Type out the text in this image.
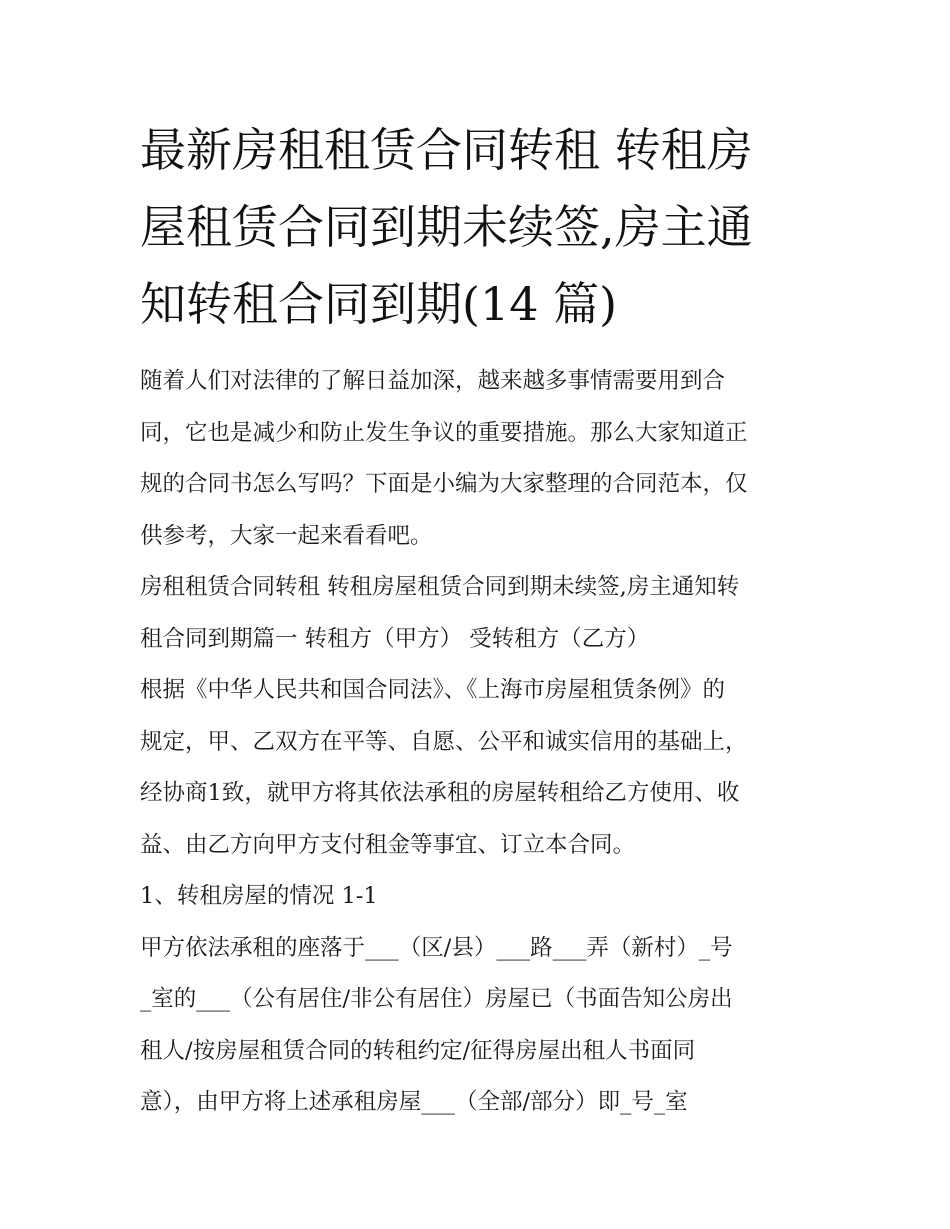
最新房租租赁合同转租 转租房
屋租赁合同到期未续签,房主通
知转租合同到期(14 篇)
随着人们对法律的了解日益加深，越来越多事情需要用到合
同，它也是减少和防止发生争议的重要措施。那么大家知道正
规的合同书怎么写吗？下面是小编为大家整理的合同范本，仅
供参考，大家一起来看看吧。
房租租赁合同转租 转租房屋租赁合同到期未续签,房主通知转
租合同到期篇一 转租方（甲方） 受转租方（乙方）
根据《中华人民共和国合同法》、《上海市房屋租赁条例》的
规定，甲、乙双方在平等、自愿、公平和诚实信用的基础上，
经协商1致，就甲方将其依法承租的房屋转租给乙方使用、收
益、由乙方向甲方支付租金等事宜、订立本合同。
1、转租房屋的情况 1-1
甲方依法承租的座落于___（区/县）___路___弄（新村）_号
_室的___（公有居住/非公有居住）房屋已（书面告知公房出
租人/按房屋租赁合同的转租约定/征得房屋出租人书面同
意），由甲方将上述承租房屋___（全部/部分）即_号_室
